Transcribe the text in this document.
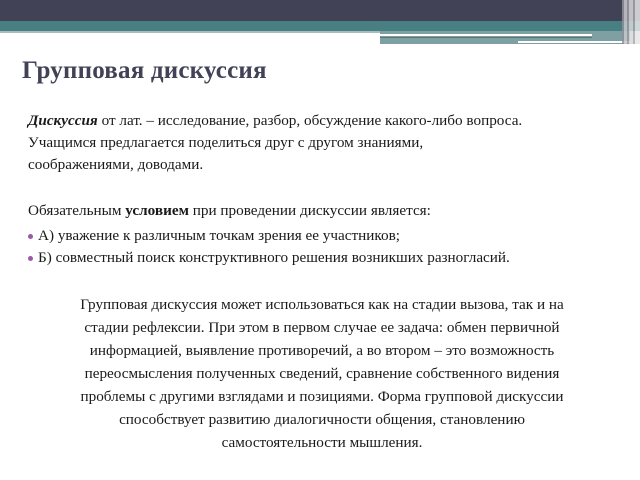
Групповая дискуссия
Дискуссия от лат. – исследование, разбор, обсуждение какого-либо вопроса.
Учащимся предлагается поделиться друг с другом знаниями,
соображениями, доводами.
Обязательным условием при проведении дискуссии является:
А) уважение к различным точкам зрения ее участников;
Б) совместный поиск конструктивного решения возникших разногласий.
Групповая дискуссия может использоваться как на стадии вызова, так и на
стадии рефлексии. При этом в первом случае ее задача: обмен первичной
информацией, выявление противоречий, а во втором – это возможность
переосмысления полученных сведений, сравнение собственного видения
проблемы с другими взглядами и позициями. Форма групповой дискуссии
способствует развитию диалогичности общения, становлению
самостоятельности мышления.
